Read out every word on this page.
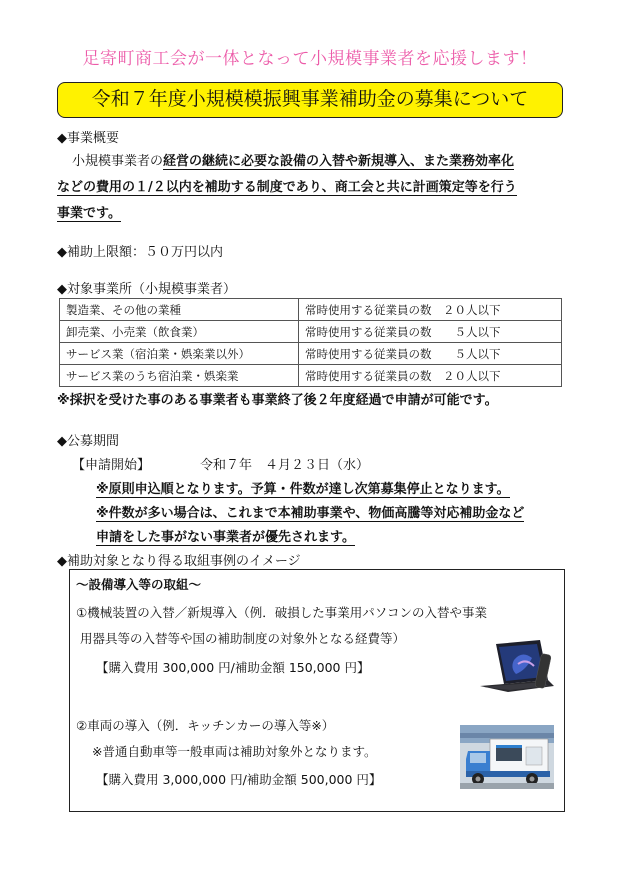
足寄町商工会が一体となって小規模事業者を応援します！
令和７年度小規模模振興事業補助金の募集について
◆事業概要
小規模事業者の経営の継続に必要な設備の入替や新規導入、また業務効率化
などの費用の１/２以内を補助する制度であり、商工会と共に計画策定等を行う
事業です。
◆補助上限額：５０万円以内
◆対象事業所（小規模事業者）
製造業、その他の業種	常時使用する従業員の数　２０人以下
卸売業、小売業（飲食業）	常時使用する従業員の数　　５人以下
サービス業（宿泊業・娯楽業以外）	常時使用する従業員の数　　５人以下
サービス業のうち宿泊業・娯楽業	常時使用する従業員の数　２０人以下
※採択を受けた事のある事業者も事業終了後２年度経過で申請が可能です。
◆公募期間
【申請開始】	令和７年　４月２３日（水）
※原則申込順となります。予算・件数が達し次第募集停止となります。
※件数が多い場合は、これまで本補助事業や、物価高騰等対応補助金など
申請をした事がない事業者が優先されます。
◆補助対象となり得る取組事例のイメージ
～設備導入等の取組～
①機械装置の入替／新規導入（例．破損した事業用パソコンの入替や事業
用器具等の入替等や国の補助制度の対象外となる経費等）
【購入費用 300,000 円/補助金額 150,000 円】
②車両の導入（例．キッチンカーの導入等※）
※普通自動車等一般車両は補助対象外となります。
【購入費用 3,000,000 円/補助金額 500,000 円】
